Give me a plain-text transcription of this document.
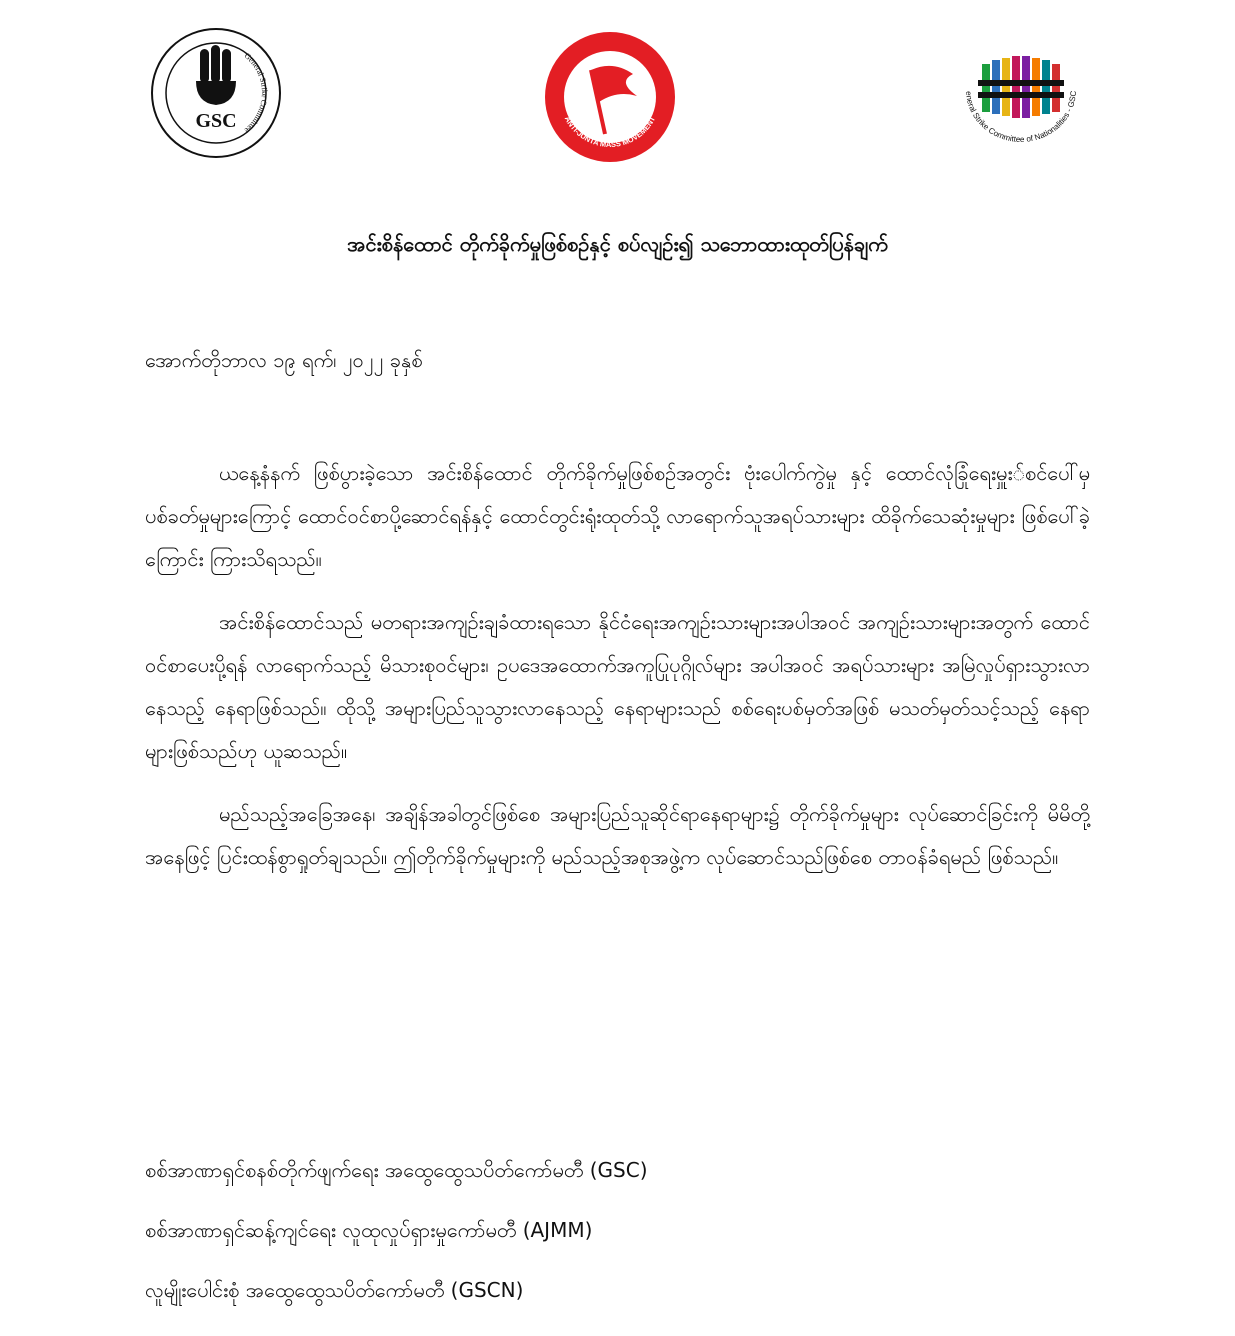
General Strike Committee
GSC	ANTI-JUNTA MASS MOVEMENT
eneral Strike Committee of Nationalities - GSC
အင်းစိန်ထောင် တိုက်ခိုက်မှုဖြစ်စဥ်နှင့် စပ်လျဥ်း၍ သဘောထားထုတ်ပြန်ချက်
အောက်တိုဘာလ ၁၉ ရက်၊ ၂၀၂၂ ခုနှစ်

ယနေ့နံနက် ဖြစ်ပွားခဲ့သော အင်းစိန်ထောင် တိုက်ခိုက်မှုဖြစ်စဥ်အတွင်း ဗုံးပေါက်ကွဲမှု နှင့် ထောင်လုံခြုံရေးမှူး်စင်ပေါ်မှ ပစ်ခတ်မှုများကြောင့် ထောင်ဝင်စာပို့ဆောင်ရန်နှင့် ထောင်တွင်းရုံးထုတ်သို့ လာရောက်သူအရပ်သားများ ထိခိုက်သေဆုံးမှုများ ဖြစ်ပေါ်ခဲ့ကြောင်း ကြားသိရသည်။

အင်းစိန်ထောင်သည် မတရားအကျဥ်းချခံထားရသော နိုင်ငံရေးအကျဥ်းသားများအပါအဝင် အကျဥ်းသားများအတွက် ထောင်ဝင်စာပေးပို့ရန် လာရောက်သည့် မိသားစုဝင်များ၊ ဥပဒေအထောက်အကူပြုပုဂ္ဂိုလ်များ အပါအဝင် အရပ်သားများ အမြဲလှုပ်ရှားသွားလာနေသည့် နေရာဖြစ်သည်။ ထိုသို့ အများပြည်သူသွားလာနေသည့် နေရာများသည် စစ်ရေးပစ်မှတ်အဖြစ် မသတ်မှတ်သင့်သည့် နေရာများဖြစ်သည်ဟု ယူဆသည်။

မည်သည့်အခြေအနေ၊ အချိန်အခါတွင်ဖြစ်စေ အများပြည်သူဆိုင်ရာနေရာများ၌ တိုက်ခိုက်မှုများ လုပ်ဆောင်ခြင်းကို မိမိတို့အနေဖြင့် ပြင်းထန်စွာရှုတ်ချသည်။ ဤတိုက်ခိုက်မှုများကို မည်သည့်အစုအဖွဲ့က လုပ်ဆောင်သည်ဖြစ်စေ တာဝန်ခံရမည် ဖြစ်သည်။

စစ်အာဏာရှင်စနစ်တိုက်ဖျက်ရေး အထွေထွေသပိတ်ကော်မတီ (GSC)
စစ်အာဏာရှင်ဆန့်ကျင်ရေး လူထုလှုပ်ရှားမှုကော်မတီ (AJMM)
လူမျိုးပေါင်းစုံ အထွေထွေသပိတ်ကော်မတီ (GSCN)
